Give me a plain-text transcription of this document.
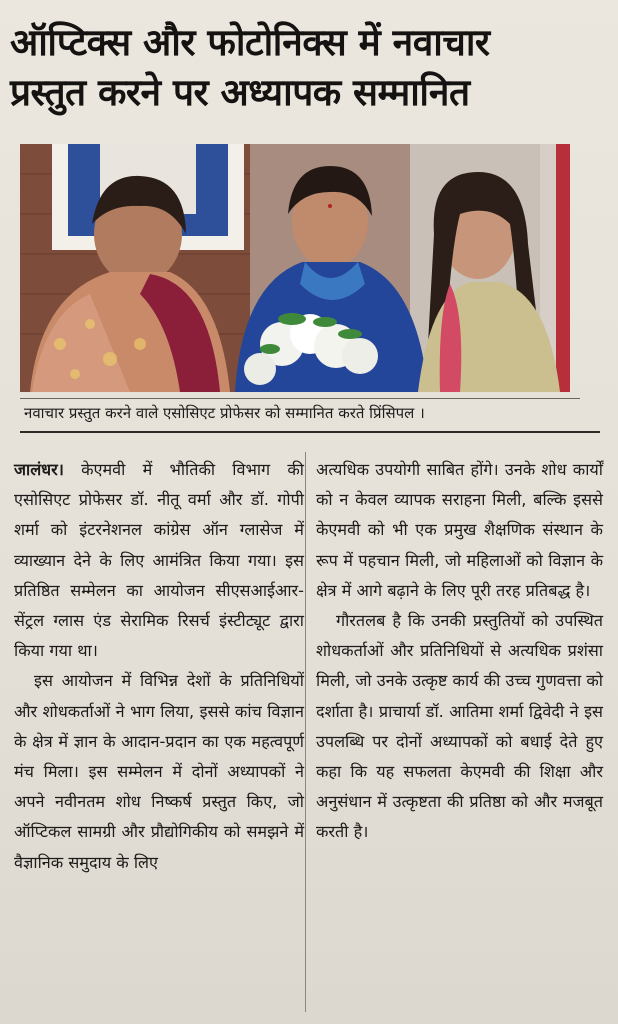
ऑप्टिक्स और फोटोनिक्स में नवाचार
प्रस्तुत करने पर अध्यापक सम्मानित
नवाचार प्रस्तुत करने वाले एसोसिएट प्रोफेसर को सम्मानित करते प्रिंसिपल ।

जालंधर। केएमवी में भौतिकी विभाग की एसोसिएट प्रोफेसर डॉ. नीतू वर्मा और डॉ. गोपी शर्मा को इंटरनेशनल कांग्रेस ऑन ग्लासेज में व्याख्यान देने के लिए आमंत्रित किया गया। इस प्रतिष्ठित सम्मेलन का आयोजन सीएसआईआर- सेंट्रल ग्लास एंड सेरामिक रिसर्च इंस्टीट्यूट द्वारा किया गया था।

इस आयोजन में विभिन्न देशों के प्रतिनिधियों और शोधकर्ताओं ने भाग लिया, इससे कांच विज्ञान के क्षेत्र में ज्ञान के आदान-प्रदान का एक महत्वपूर्ण मंच मिला। इस सम्मेलन में दोनों अध्यापकों ने अपने नवीनतम शोध निष्कर्ष प्रस्तुत किए, जो ऑप्टिकल सामग्री और प्रौद्योगिकीय को समझने में वैज्ञानिक समुदाय के लिए

अत्यधिक उपयोगी साबित होंगे। उनके शोध कार्यों को न केवल व्यापक सराहना मिली, बल्कि इससे केएमवी को भी एक प्रमुख शैक्षणिक संस्थान के रूप में पहचान मिली, जो महिलाओं को विज्ञान के क्षेत्र में आगे बढ़ाने के लिए पूरी तरह प्रतिबद्ध है।

गौरतलब है कि उनकी प्रस्तुतियों को उपस्थित शोधकर्ताओं और प्रतिनिधियों से अत्यधिक प्रशंसा मिली, जो उनके उत्कृष्ट कार्य की उच्च गुणवत्ता को दर्शाता है। प्राचार्या डॉ. आतिमा शर्मा द्विवेदी ने इस उपलब्धि पर दोनों अध्यापकों को बधाई देते हुए कहा कि यह सफलता केएमवी की शिक्षा और अनुसंधान में उत्कृष्टता की प्रतिष्ठा को और मजबूत करती है।
